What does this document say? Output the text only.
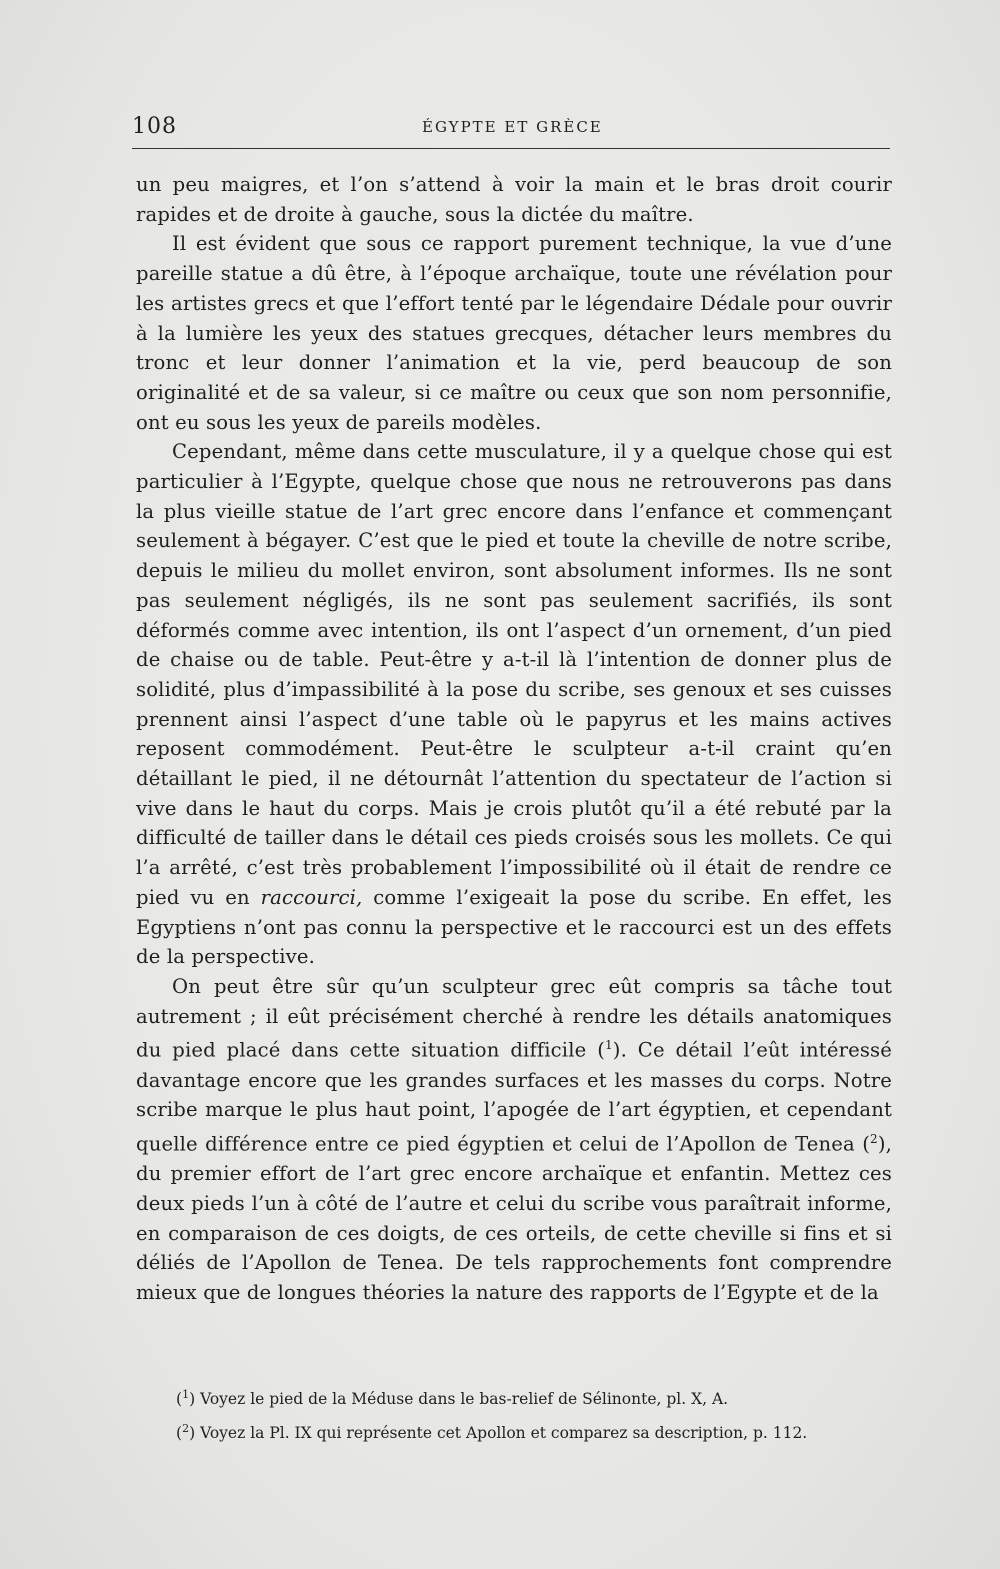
108	ÉGYPTE ET GRÈCE

un peu maigres, et l’on s’attend à voir la main et le bras droit courir rapides et de droite à gauche, sous la dictée du maître.

Il est évident que sous ce rapport purement technique, la vue d’une pareille statue a dû être, à l’époque archaïque, toute une révélation pour les artistes grecs et que l’effort tenté par le légendaire Dédale pour ouvrir à la lumière les yeux des statues grecques, détacher leurs membres du tronc et leur donner l’animation et la vie, perd beaucoup de son originalité et de sa valeur, si ce maître ou ceux que son nom personnifie, ont eu sous les yeux de pareils modèles.

Cependant, même dans cette musculature, il y a quelque chose qui est particulier à l’Egypte, quelque chose que nous ne retrouverons pas dans la plus vieille statue de l’art grec encore dans l’enfance et commençant seulement à bégayer. C’est que le pied et toute la cheville de notre scribe, depuis le milieu du mollet environ, sont absolument informes. Ils ne sont pas seulement négligés, ils ne sont pas seulement sacrifiés, ils sont déformés comme avec intention, ils ont l’aspect d’un ornement, d’un pied de chaise ou de table. Peut-être y a-t-il là l’intention de donner plus de solidité, plus d’impassibilité à la pose du scribe, ses genoux et ses cuisses prennent ainsi l’aspect d’une table où le papyrus et les mains actives reposent commodément. Peut-être le sculpteur a-t-il craint qu’en détaillant le pied, il ne détournât l’attention du spectateur de l’action si vive dans le haut du corps. Mais je crois plutôt qu’il a été rebuté par la difficulté de tailler dans le détail ces pieds croisés sous les mollets. Ce qui l’a arrêté, c’est très probablement l’impossibilité où il était de rendre ce pied vu en raccourci, comme l’exigeait la pose du scribe. En effet, les Egyptiens n’ont pas connu la perspective et le raccourci est un des effets de la perspective.

On peut être sûr qu’un sculpteur grec eût compris sa tâche tout autrement ; il eût précisément cherché à rendre les détails anatomiques du pied placé dans cette situation difficile ($^1$). Ce détail l’eût intéressé davantage encore que les grandes surfaces et les masses du corps. Notre scribe marque le plus haut point, l’apogée de l’art égyptien, et cependant quelle différence entre ce pied égyptien et celui de l’Apollon de Tenea ($^2$), du premier effort de l’art grec encore archaïque et enfantin. Mettez ces deux pieds l’un à côté de l’autre et celui du scribe vous paraîtrait informe, en comparaison de ces doigts, de ces orteils, de cette cheville si fins et si déliés de l’Apollon de Tenea. De tels rapprochements font comprendre mieux que de longues théories la nature des rapports de l’Egypte et de la

($^1$) Voyez le pied de la Méduse dans le bas-relief de Sélinonte, pl. X, A.
($^2$) Voyez la Pl. IX qui représente cet Apollon et comparez sa description, p. 112.
